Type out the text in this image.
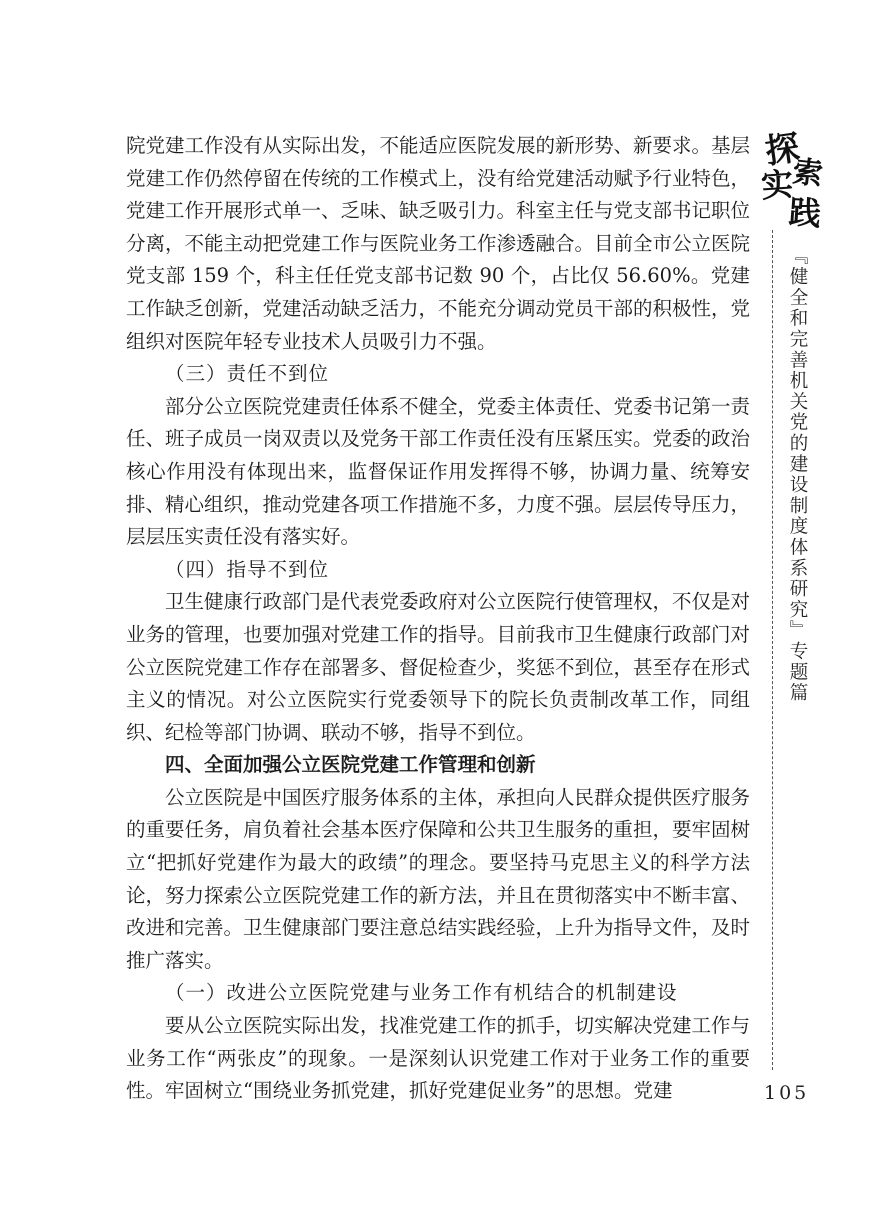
院党建工作没有从实际出发，不能适应医院发展的新形势、新要求。基层党建工作仍然停留在传统的工作模式上，没有给党建活动赋予行业特色，党建工作开展形式单一、乏味、缺乏吸引力。科室主任与党支部书记职位分离，不能主动把党建工作与医院业务工作渗透融合。目前全市公立医院党支部 159 个，科主任任党支部书记数 90 个，占比仅 56.60%。党建工作缺乏创新，党建活动缺乏活力，不能充分调动党员干部的积极性，党组织对医院年轻专业技术人员吸引力不强。

（三）责任不到位

部分公立医院党建责任体系不健全，党委主体责任、党委书记第一责任、班子成员一岗双责以及党务干部工作责任没有压紧压实。党委的政治核心作用没有体现出来，监督保证作用发挥得不够，协调力量、统筹安排、精心组织，推动党建各项工作措施不多，力度不强。层层传导压力，层层压实责任没有落实好。

（四）指导不到位

卫生健康行政部门是代表党委政府对公立医院行使管理权，不仅是对业务的管理，也要加强对党建工作的指导。目前我市卫生健康行政部门对公立医院党建工作存在部署多、督促检查少，奖惩不到位，甚至存在形式主义的情况。对公立医院实行党委领导下的院长负责制改革工作，同组织、纪检等部门协调、联动不够，指导不到位。

四、全面加强公立医院党建工作管理和创新

公立医院是中国医疗服务体系的主体，承担向人民群众提供医疗服务的重要任务，肩负着社会基本医疗保障和公共卫生服务的重担，要牢固树立“把抓好党建作为最大的政绩”的理念。要坚持马克思主义的科学方法论，努力探索公立医院党建工作的新方法，并且在贯彻落实中不断丰富、改进和完善。卫生健康部门要注意总结实践经验，上升为指导文件，及时推广落实。

（一）改进公立医院党建与业务工作有机结合的机制建设

要从公立医院实际出发，找准党建工作的抓手，切实解决党建工作与业务工作“两张皮”的现象。一是深刻认识党建工作对于业务工作的重要性。牢固树立“围绕业务抓党建，抓好党建促业务”的思想。党建

探
索
实
践
『健全和完善机关党的建设制度体系研究』专题篇
105
